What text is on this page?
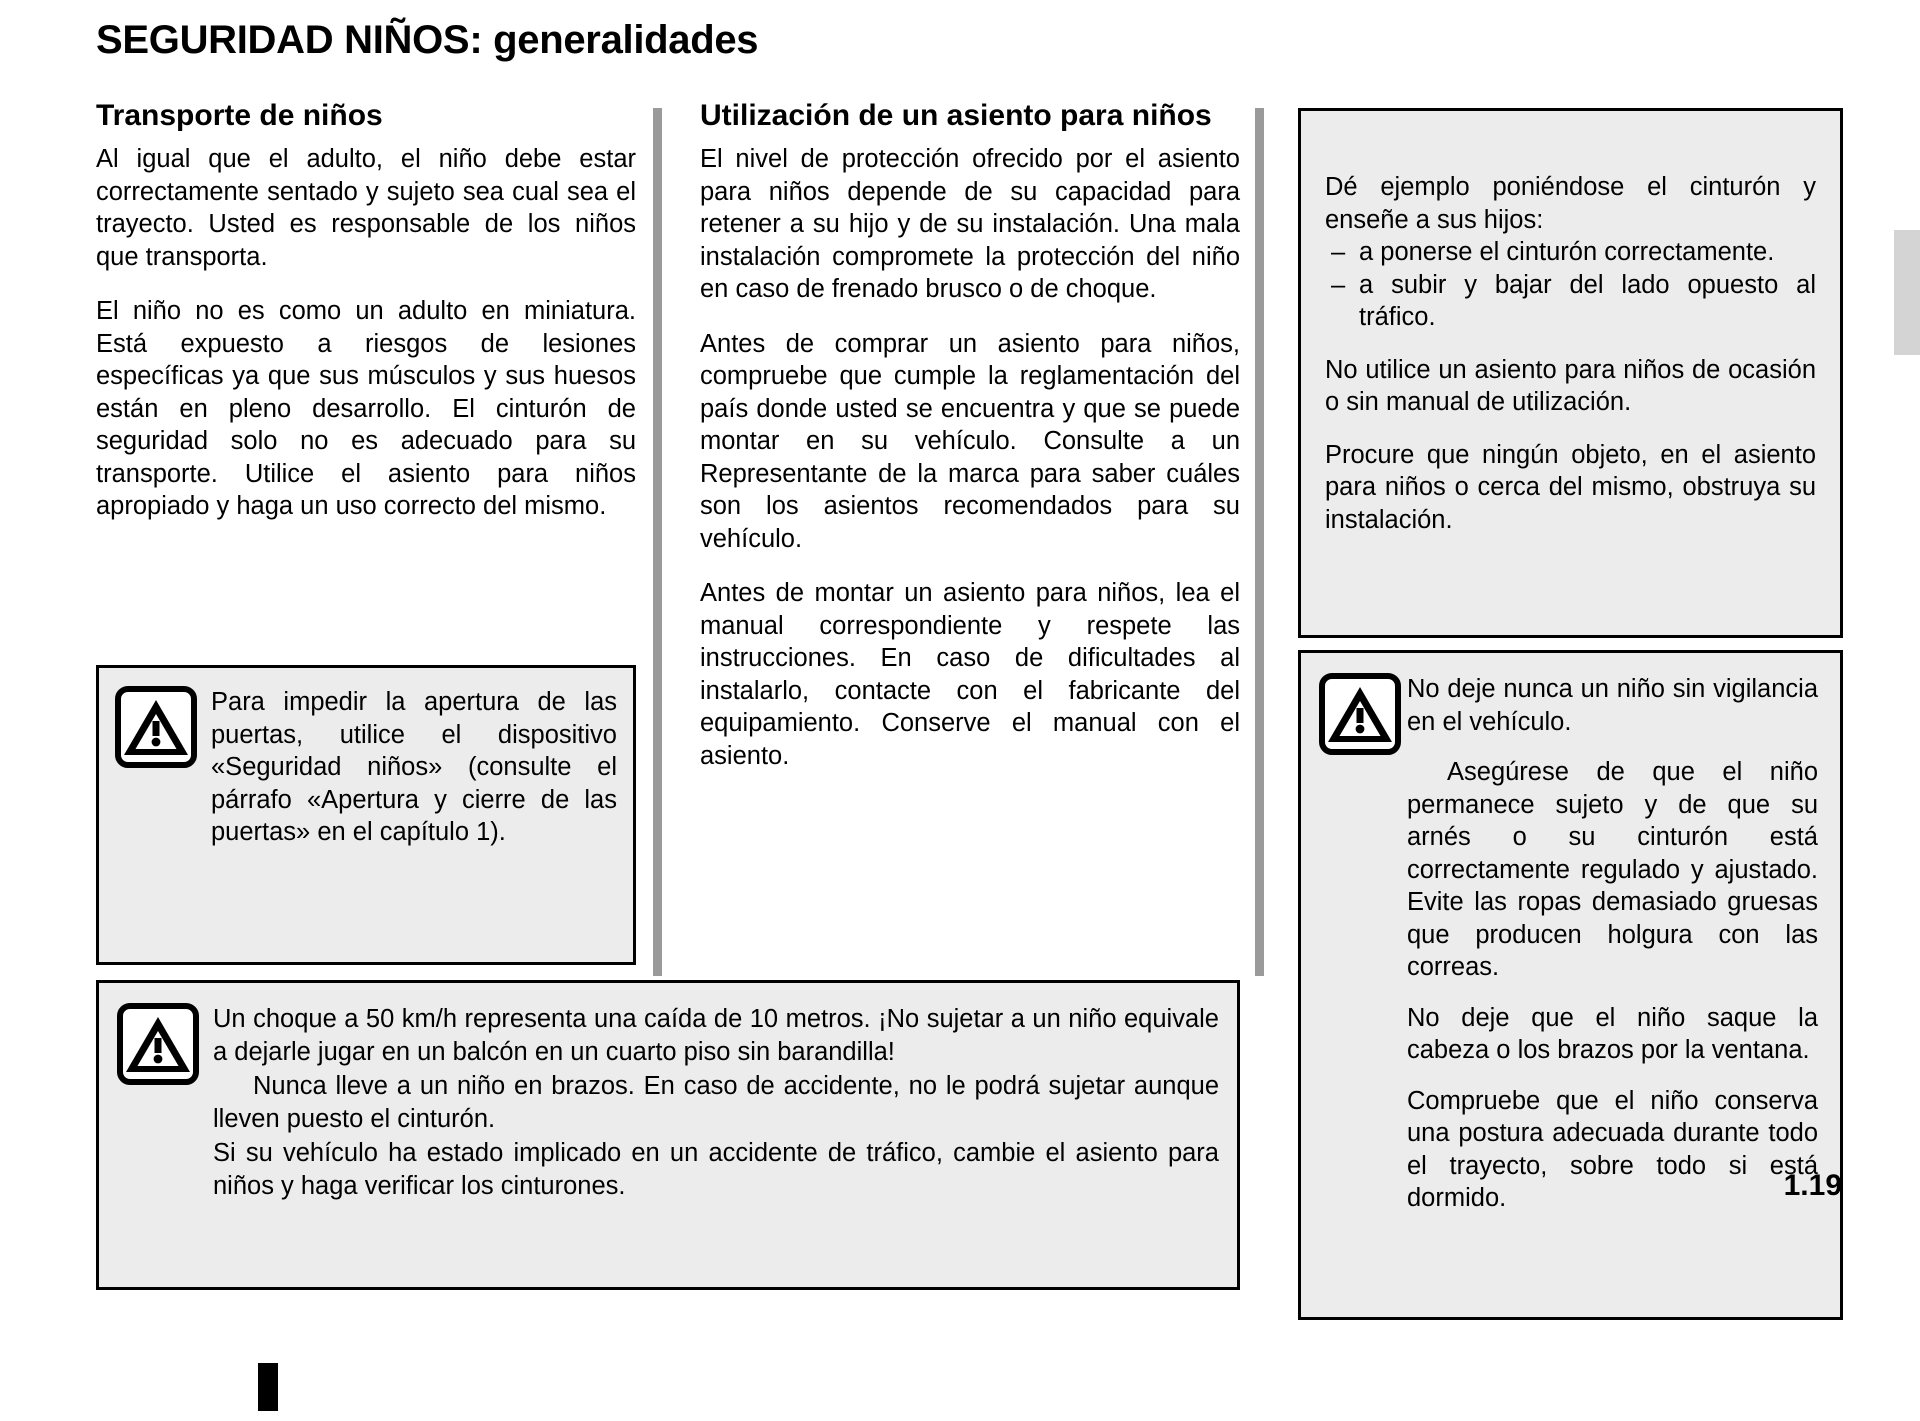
SEGURIDAD NIÑOS: generalidades
Transporte de niños

Al igual que el adulto, el niño debe estar correctamente sentado y sujeto sea cual sea el trayecto. Usted es responsable de los niños que transporta.

El niño no es como un adulto en miniatura. Está expuesto a riesgos de lesiones específicas ya que sus músculos y sus huesos están en pleno desarrollo. El cinturón de seguridad solo no es adecuado para su transporte. Utilice el asiento para niños apropiado y haga un uso correcto del mismo.

Utilización de un asiento para niños

El nivel de protección ofrecido por el asiento para niños depende de su capacidad para retener a su hijo y de su instalación. Una mala instalación compromete la protección del niño en caso de frenado brusco o de choque.

Antes de comprar un asiento para niños, compruebe que cumple la reglamentación del país donde usted se encuentra y que se puede montar en su vehículo. Consulte a un Representante de la marca para saber cuáles son los asientos recomendados para su vehículo.

Antes de montar un asiento para niños, lea el manual correspondiente y respete las instrucciones. En caso de dificultades al instalarlo, contacte con el fabricante del equipamiento. Conserve el manual con el asiento.

Para impedir la apertura de las puertas, utilice el dispositivo «Seguridad niños» (consulte el párrafo «Apertura y cierre de las puertas» en el capítulo 1).

Un choque a 50 km/h representa una caída de 10 metros. ¡No sujetar a un niño equivale a dejarle jugar en un balcón en un cuarto piso sin barandilla!

Nunca lleve a un niño en brazos. En caso de accidente, no le podrá sujetar aunque lleven puesto el cinturón.

Si su vehículo ha estado implicado en un accidente de tráfico, cambie el asiento para niños y haga verificar los cinturones.

Dé ejemplo poniéndose el cinturón y enseñe a sus hijos:

– a ponerse el cinturón correctamente.
– a subir y bajar del lado opuesto al tráfico.

No utilice un asiento para niños de ocasión o sin manual de utilización.

Procure que ningún objeto, en el asiento para niños o cerca del mismo, obstruya su instalación.

No deje nunca un niño sin vigilancia en el vehículo.

Asegúrese de que el niño permanece sujeto y de que su arnés o su cinturón está correctamente regulado y ajustado. Evite las ropas demasiado gruesas que producen holgura con las correas.

No deje que el niño saque la cabeza o los brazos por la ventana.

Compruebe que el niño conserva una postura adecuada durante todo el trayecto, sobre todo si está dormido.	1.19
